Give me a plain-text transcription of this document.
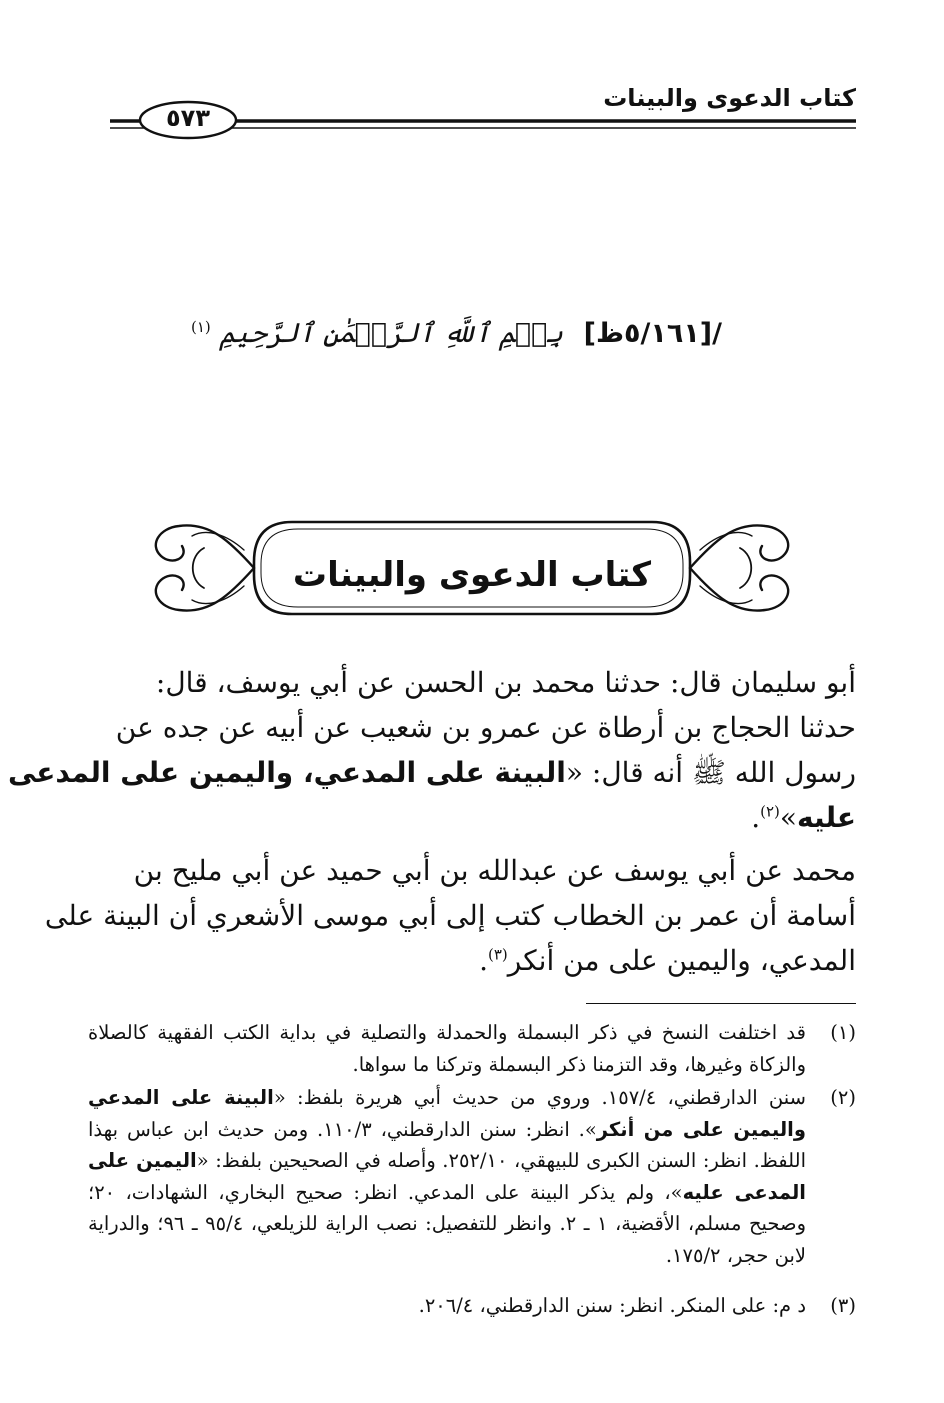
كتاب الدعوى والبينات
٥٧٣
/[٥/١٦١ظ] بِسۡمِ ٱللَّهِ ٱلرَّحۡمَٰنِ ٱلرَّحِيمِ $^{(١)}$
كتاب الدعوى والبينات
أبو سليمان قال: حدثنا محمد بن الحسن عن أبي يوسف، قال:
حدثنا الحجاج بن أرطاة عن عمرو بن شعيب عن أبيه عن جده عن
رسول الله ﷺ أنه قال: «البينة على المدعي، واليمين على المدعى
عليه»$^{(٢)}$.
محمد عن أبي يوسف عن عبدالله بن أبي حميد عن أبي مليح بن
أسامة أن عمر بن الخطاب كتب إلى أبي موسى الأشعري أن البينة على
المدعي، واليمين على من أنكر$^{(٣)}$.
(١)
قد اختلفت النسخ في ذكر البسملة والحمدلة والتصلية في بداية الكتب الفقهية كالصلاة والزكاة وغيرها، وقد التزمنا ذكر البسملة وتركنا ما سواها.
(٢)
سنن الدارقطني، ١٥٧/٤. وروي من حديث أبي هريرة بلفظ: «البينة على المدعي واليمين على من أنكر». انظر: سنن الدارقطني، ١١٠/٣. ومن حديث ابن عباس بهذا اللفظ. انظر: السنن الكبرى للبيهقي، ٢٥٢/١٠. وأصله في الصحيحين بلفظ: «اليمين على المدعى عليه»، ولم يذكر البينة على المدعي. انظر: صحيح البخاري، الشهادات، ٢٠؛ وصحيح مسلم، الأقضية، ١ ـ ٢. وانظر للتفصيل: نصب الراية للزيلعي، ٩٥/٤ ـ ٩٦؛ والدراية لابن حجر، ١٧٥/٢.
(٣)
د م: على المنكر. انظر: سنن الدارقطني، ٢٠٦/٤.
